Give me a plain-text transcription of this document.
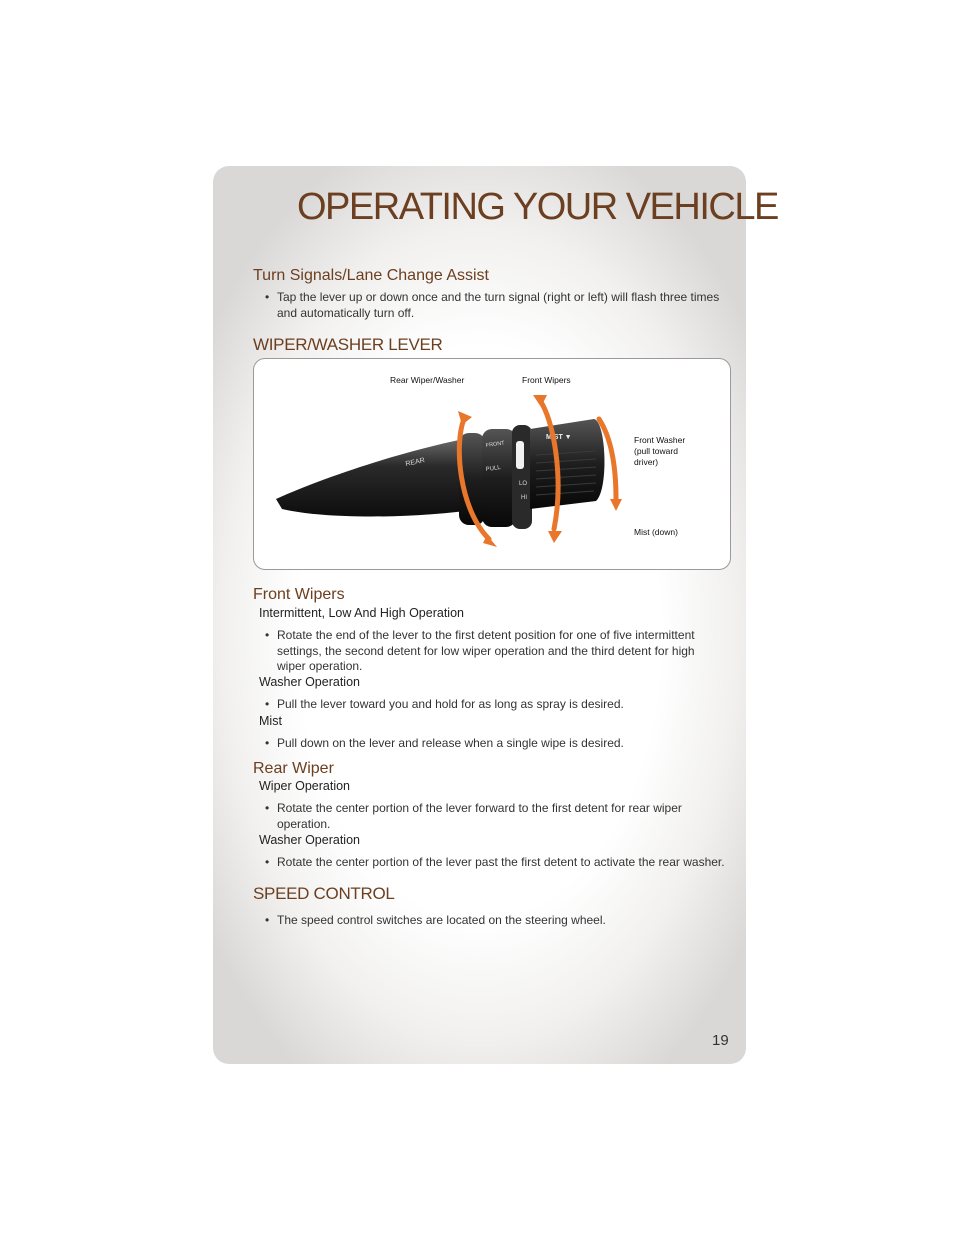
OPERATING YOUR VEHICLE
Turn Signals/Lane Change Assist
• Tap the lever up or down once and the turn signal (right or left) will flash three times
and automatically turn off.
WIPER/WASHER LEVER
REAR
FRONT
PULL
LO
HI
MIST ▼
Rear Wiper/Washer	Front Wipers
Front Washer
(pull toward
driver)
Mist (down)
Front Wipers
Intermittent, Low And High Operation
• Rotate the end of the lever to the first detent position for one of five intermittent
settings, the second detent for low wiper operation and the third detent for high
wiper operation.
Washer Operation
• Pull the lever toward you and hold for as long as spray is desired.
Mist
• Pull down on the lever and release when a single wipe is desired.
Rear Wiper
Wiper Operation
• Rotate the center portion of the lever forward to the first detent for rear wiper
operation.
Washer Operation
• Rotate the center portion of the lever past the first detent to activate the rear washer.
SPEED CONTROL
• The speed control switches are located on the steering wheel.
19
